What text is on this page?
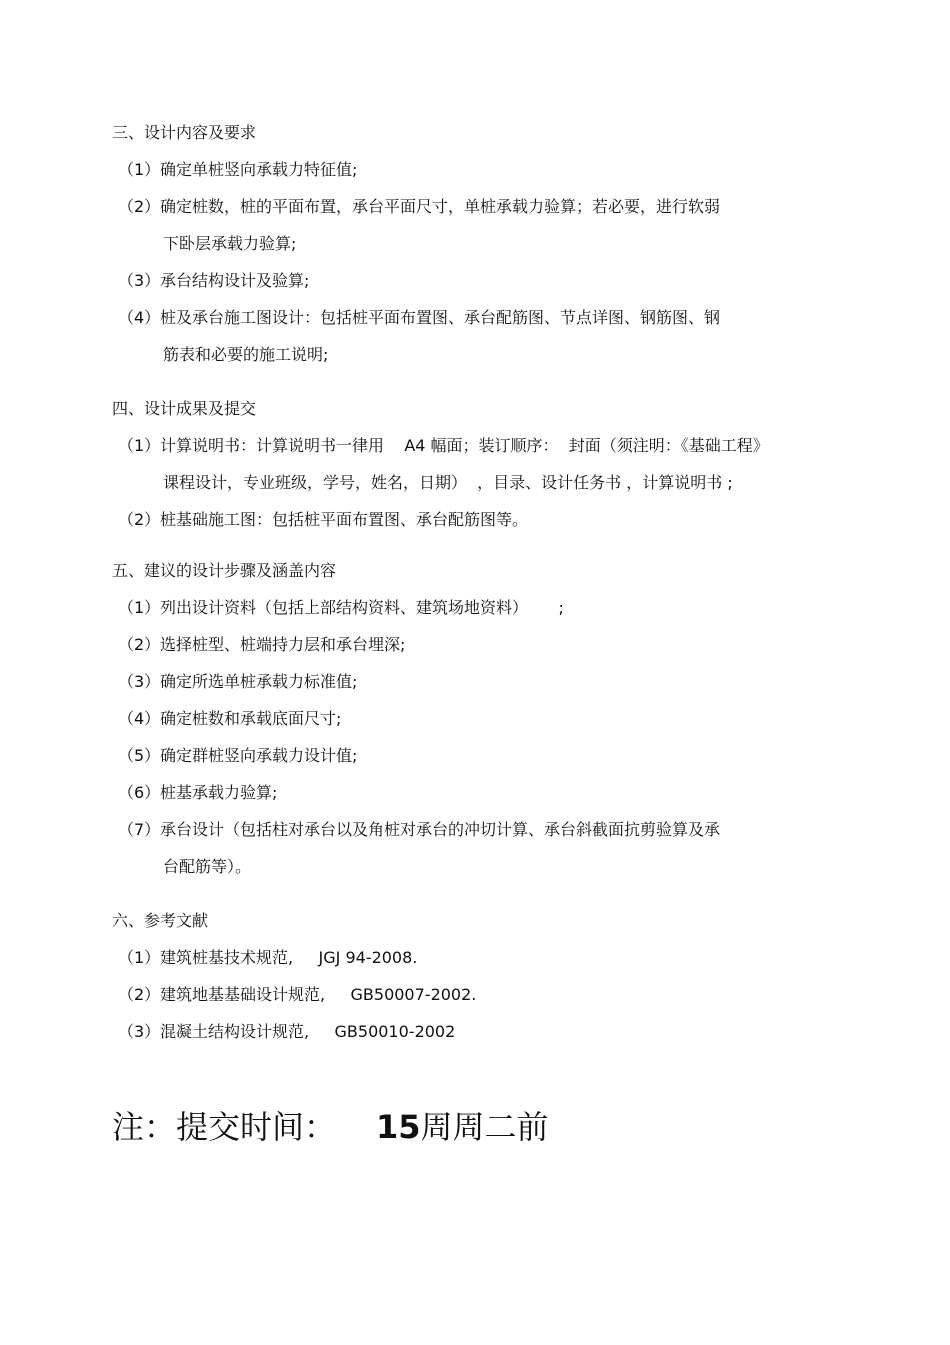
三、设计内容及要求
（1） 确定单桩竖向承载力特征值;
（2） 确定桩数，桩的平面布置，承台平面尺寸，单桩承载力验算；若必要，进行软弱
下卧层承载力验算;
（3） 承台结构设计及验算;
（4） 桩及承台施工图设计：包括桩平面布置图、承台配筋图、节点详图、钢筋图、钢
筋表和必要的施工说明;
四、设计成果及提交
（1） 计算说明书：计算说明书一律用    A4 幅面；装订顺序：  封面（须注明：《基础工程》
课程设计，专业班级，学号，姓名，日期）  ，目录、设计任务书 ，计算说明书 ;
（2） 桩基础施工图：包括桩平面布置图、承台配筋图等。
五、建议的设计步骤及涵盖内容
（1） 列出设计资料（包括上部结构资料、建筑场地资料）      ;
（2） 选择桩型、桩端持力层和承台埋深;
（3） 确定所选单桩承载力标准值;
（4） 确定桩数和承载底面尺寸;
（5） 确定群桩竖向承载力设计值;
（6） 桩基承载力验算;
（7） 承台设计（包括柱对承台以及角桩对承台的冲切计算、承台斜截面抗剪验算及承
台配筋等）。
六、参考文献
（1） 建筑桩基技术规范,     JGJ 94-2008.
（2） 建筑地基基础设计规范,     GB50007-2002.
（3） 混凝土结构设计规范,     GB50010-2002
注：提交时间： 15周周二前
